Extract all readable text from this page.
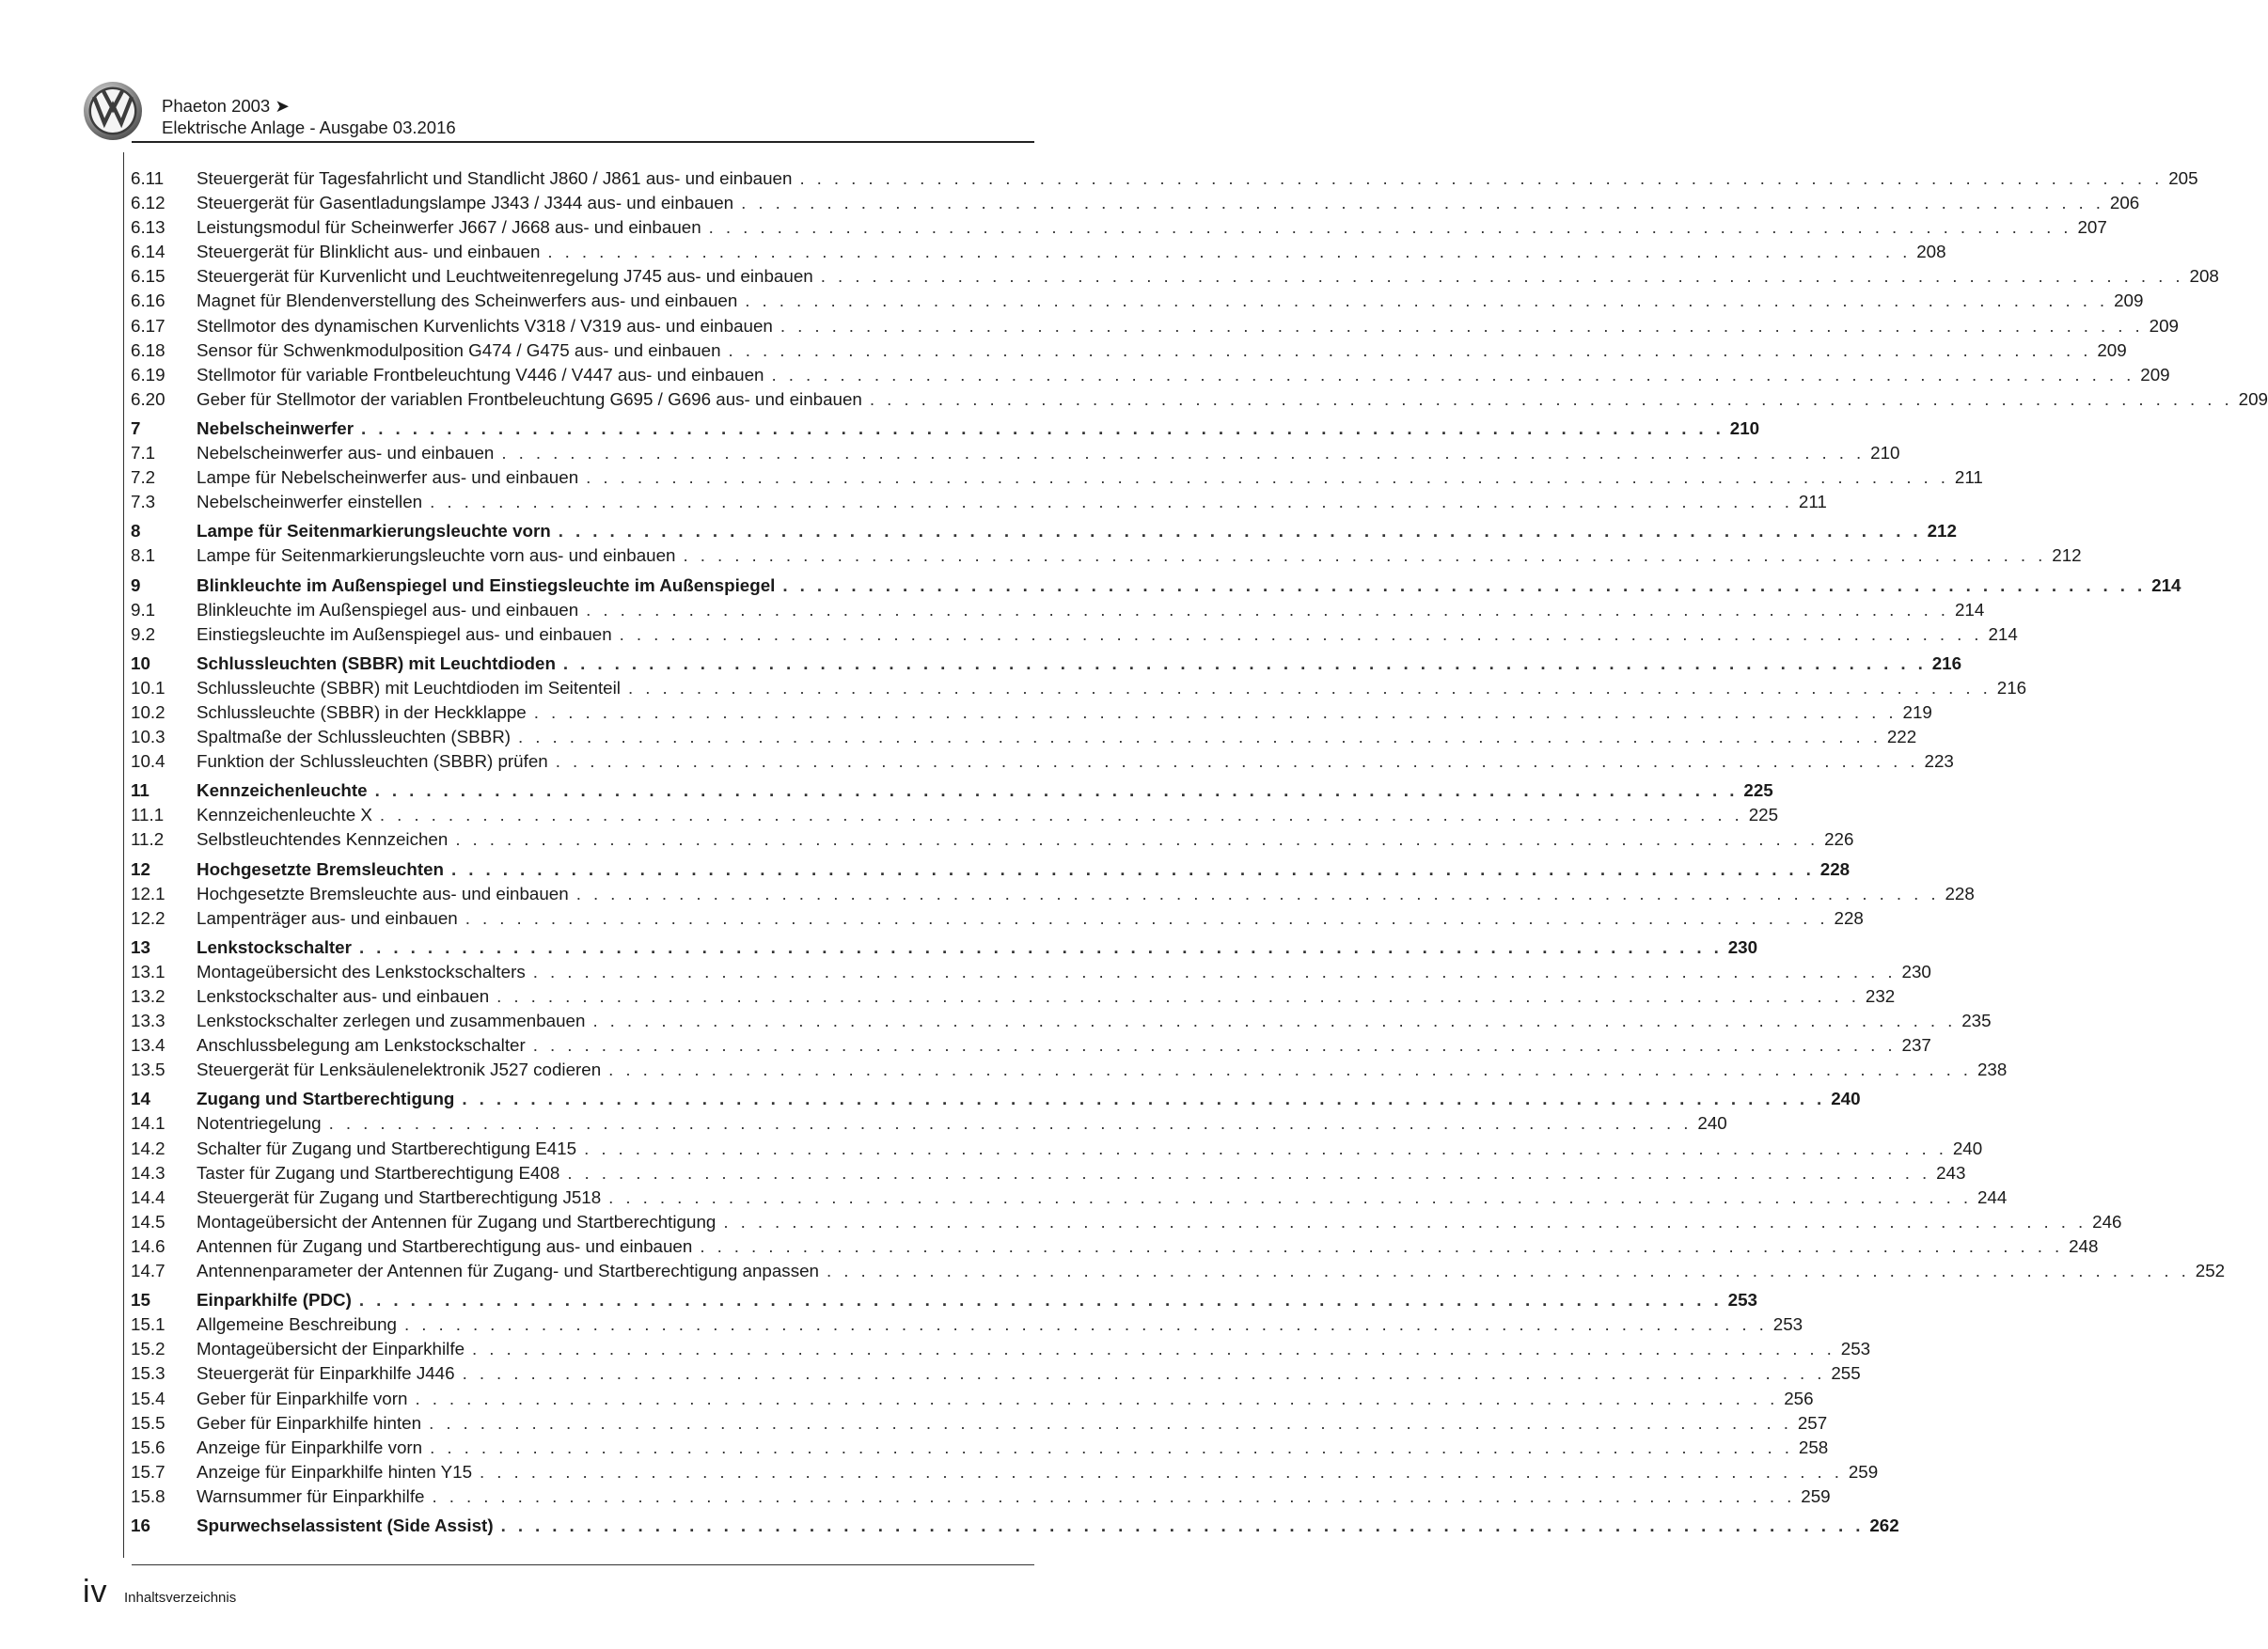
Phaeton 2003 ➤
Elektrische Anlage - Ausgabe 03.2016
6.11	Steuergerät für Tagesfahrlicht und Standlicht J860 / J861 aus- und einbauen . . . . . . . . . . . . . . . . . . . . . . . . . . . . . . . . . . . . . . . . . . . . . . . . . . . . . . . . . . . . . . . . . . . . . . . . . . . . . . . . 205
6.12	Steuergerät für Gasentladungslampe J343 / J344 aus- und einbauen . . . . . . . . . . . . . . . . . . . . . . . . . . . . . . . . . . . . . . . . . . . . . . . . . . . . . . . . . . . . . . . . . . . . . . . . . . . . . . . . 206
6.13	Leistungsmodul für Scheinwerfer J667 / J668 aus- und einbauen . . . . . . . . . . . . . . . . . . . . . . . . . . . . . . . . . . . . . . . . . . . . . . . . . . . . . . . . . . . . . . . . . . . . . . . . . . . . . . . . 207
6.14	Steuergerät für Blinklicht aus- und einbauen . . . . . . . . . . . . . . . . . . . . . . . . . . . . . . . . . . . . . . . . . . . . . . . . . . . . . . . . . . . . . . . . . . . . . . . . . . . . . . . . 208
6.15	Steuergerät für Kurvenlicht und Leuchtweitenregelung J745 aus- und einbauen . . . . . . . . . . . . . . . . . . . . . . . . . . . . . . . . . . . . . . . . . . . . . . . . . . . . . . . . . . . . . . . . . . . . . . . . . . . . . . . . 208
6.16	Magnet für Blendenverstellung des Scheinwerfers aus- und einbauen . . . . . . . . . . . . . . . . . . . . . . . . . . . . . . . . . . . . . . . . . . . . . . . . . . . . . . . . . . . . . . . . . . . . . . . . . . . . . . . . 209
6.17	Stellmotor des dynamischen Kurvenlichts V318 / V319 aus- und einbauen . . . . . . . . . . . . . . . . . . . . . . . . . . . . . . . . . . . . . . . . . . . . . . . . . . . . . . . . . . . . . . . . . . . . . . . . . . . . . . . . 209
6.18	Sensor für Schwenkmodulposition G474 / G475 aus- und einbauen . . . . . . . . . . . . . . . . . . . . . . . . . . . . . . . . . . . . . . . . . . . . . . . . . . . . . . . . . . . . . . . . . . . . . . . . . . . . . . . . 209
6.19	Stellmotor für variable Frontbeleuchtung V446 / V447 aus- und einbauen . . . . . . . . . . . . . . . . . . . . . . . . . . . . . . . . . . . . . . . . . . . . . . . . . . . . . . . . . . . . . . . . . . . . . . . . . . . . . . . . 209
6.20	Geber für Stellmotor der variablen Frontbeleuchtung G695 / G696 aus- und einbauen . . . . . . . . . . . . . . . . . . . . . . . . . . . . . . . . . . . . . . . . . . . . . . . . . . . . . . . . . . . . . . . . . . . . . . . . . . . . . . . . 209
7	Nebelscheinwerfer . . . . . . . . . . . . . . . . . . . . . . . . . . . . . . . . . . . . . . . . . . . . . . . . . . . . . . . . . . . . . . . . . . . . . . . . . . . . . . . . 210
7.1	Nebelscheinwerfer aus- und einbauen . . . . . . . . . . . . . . . . . . . . . . . . . . . . . . . . . . . . . . . . . . . . . . . . . . . . . . . . . . . . . . . . . . . . . . . . . . . . . . . . 210
7.2	Lampe für Nebelscheinwerfer aus- und einbauen . . . . . . . . . . . . . . . . . . . . . . . . . . . . . . . . . . . . . . . . . . . . . . . . . . . . . . . . . . . . . . . . . . . . . . . . . . . . . . . . 211
7.3	Nebelscheinwerfer einstellen . . . . . . . . . . . . . . . . . . . . . . . . . . . . . . . . . . . . . . . . . . . . . . . . . . . . . . . . . . . . . . . . . . . . . . . . . . . . . . . . 211
8	Lampe für Seitenmarkierungsleuchte vorn . . . . . . . . . . . . . . . . . . . . . . . . . . . . . . . . . . . . . . . . . . . . . . . . . . . . . . . . . . . . . . . . . . . . . . . . . . . . . . . . 212
8.1	Lampe für Seitenmarkierungsleuchte vorn aus- und einbauen . . . . . . . . . . . . . . . . . . . . . . . . . . . . . . . . . . . . . . . . . . . . . . . . . . . . . . . . . . . . . . . . . . . . . . . . . . . . . . . . 212
9	Blinkleuchte im Außenspiegel und Einstiegsleuchte im Außenspiegel . . . . . . . . . . . . . . . . . . . . . . . . . . . . . . . . . . . . . . . . . . . . . . . . . . . . . . . . . . . . . . . . . . . . . . . . . . . . . . . . 214
9.1	Blinkleuchte im Außenspiegel aus- und einbauen . . . . . . . . . . . . . . . . . . . . . . . . . . . . . . . . . . . . . . . . . . . . . . . . . . . . . . . . . . . . . . . . . . . . . . . . . . . . . . . . 214
9.2	Einstiegsleuchte im Außenspiegel aus- und einbauen . . . . . . . . . . . . . . . . . . . . . . . . . . . . . . . . . . . . . . . . . . . . . . . . . . . . . . . . . . . . . . . . . . . . . . . . . . . . . . . . 214
10	Schlussleuchten (SBBR) mit Leuchtdioden . . . . . . . . . . . . . . . . . . . . . . . . . . . . . . . . . . . . . . . . . . . . . . . . . . . . . . . . . . . . . . . . . . . . . . . . . . . . . . . . 216
10.1	Schlussleuchte (SBBR) mit Leuchtdioden im Seitenteil . . . . . . . . . . . . . . . . . . . . . . . . . . . . . . . . . . . . . . . . . . . . . . . . . . . . . . . . . . . . . . . . . . . . . . . . . . . . . . . . 216
10.2	Schlussleuchte (SBBR) in der Heckklappe . . . . . . . . . . . . . . . . . . . . . . . . . . . . . . . . . . . . . . . . . . . . . . . . . . . . . . . . . . . . . . . . . . . . . . . . . . . . . . . . 219
10.3	Spaltmaße der Schlussleuchten (SBBR) . . . . . . . . . . . . . . . . . . . . . . . . . . . . . . . . . . . . . . . . . . . . . . . . . . . . . . . . . . . . . . . . . . . . . . . . . . . . . . . . 222
10.4	Funktion der Schlussleuchten (SBBR) prüfen . . . . . . . . . . . . . . . . . . . . . . . . . . . . . . . . . . . . . . . . . . . . . . . . . . . . . . . . . . . . . . . . . . . . . . . . . . . . . . . . 223
11	Kennzeichenleuchte . . . . . . . . . . . . . . . . . . . . . . . . . . . . . . . . . . . . . . . . . . . . . . . . . . . . . . . . . . . . . . . . . . . . . . . . . . . . . . . . 225
11.1	Kennzeichenleuchte X . . . . . . . . . . . . . . . . . . . . . . . . . . . . . . . . . . . . . . . . . . . . . . . . . . . . . . . . . . . . . . . . . . . . . . . . . . . . . . . . 225
11.2	Selbstleuchtendes Kennzeichen . . . . . . . . . . . . . . . . . . . . . . . . . . . . . . . . . . . . . . . . . . . . . . . . . . . . . . . . . . . . . . . . . . . . . . . . . . . . . . . . 226
12	Hochgesetzte Bremsleuchten . . . . . . . . . . . . . . . . . . . . . . . . . . . . . . . . . . . . . . . . . . . . . . . . . . . . . . . . . . . . . . . . . . . . . . . . . . . . . . . . 228
12.1	Hochgesetzte Bremsleuchte aus- und einbauen . . . . . . . . . . . . . . . . . . . . . . . . . . . . . . . . . . . . . . . . . . . . . . . . . . . . . . . . . . . . . . . . . . . . . . . . . . . . . . . . 228
12.2	Lampenträger aus- und einbauen . . . . . . . . . . . . . . . . . . . . . . . . . . . . . . . . . . . . . . . . . . . . . . . . . . . . . . . . . . . . . . . . . . . . . . . . . . . . . . . . 228
13	Lenkstockschalter . . . . . . . . . . . . . . . . . . . . . . . . . . . . . . . . . . . . . . . . . . . . . . . . . . . . . . . . . . . . . . . . . . . . . . . . . . . . . . . . 230
13.1	Montageübersicht des Lenkstockschalters . . . . . . . . . . . . . . . . . . . . . . . . . . . . . . . . . . . . . . . . . . . . . . . . . . . . . . . . . . . . . . . . . . . . . . . . . . . . . . . . 230
13.2	Lenkstockschalter aus- und einbauen . . . . . . . . . . . . . . . . . . . . . . . . . . . . . . . . . . . . . . . . . . . . . . . . . . . . . . . . . . . . . . . . . . . . . . . . . . . . . . . . 232
13.3	Lenkstockschalter zerlegen und zusammenbauen . . . . . . . . . . . . . . . . . . . . . . . . . . . . . . . . . . . . . . . . . . . . . . . . . . . . . . . . . . . . . . . . . . . . . . . . . . . . . . . . 235
13.4	Anschlussbelegung am Lenkstockschalter . . . . . . . . . . . . . . . . . . . . . . . . . . . . . . . . . . . . . . . . . . . . . . . . . . . . . . . . . . . . . . . . . . . . . . . . . . . . . . . . 237
13.5	Steuergerät für Lenksäulenelektronik J527 codieren . . . . . . . . . . . . . . . . . . . . . . . . . . . . . . . . . . . . . . . . . . . . . . . . . . . . . . . . . . . . . . . . . . . . . . . . . . . . . . . . 238
14	Zugang und Startberechtigung . . . . . . . . . . . . . . . . . . . . . . . . . . . . . . . . . . . . . . . . . . . . . . . . . . . . . . . . . . . . . . . . . . . . . . . . . . . . . . . . 240
14.1	Notentriegelung . . . . . . . . . . . . . . . . . . . . . . . . . . . . . . . . . . . . . . . . . . . . . . . . . . . . . . . . . . . . . . . . . . . . . . . . . . . . . . . . 240
14.2	Schalter für Zugang und Startberechtigung E415 . . . . . . . . . . . . . . . . . . . . . . . . . . . . . . . . . . . . . . . . . . . . . . . . . . . . . . . . . . . . . . . . . . . . . . . . . . . . . . . . 240
14.3	Taster für Zugang und Startberechtigung E408 . . . . . . . . . . . . . . . . . . . . . . . . . . . . . . . . . . . . . . . . . . . . . . . . . . . . . . . . . . . . . . . . . . . . . . . . . . . . . . . . 243
14.4	Steuergerät für Zugang und Startberechtigung J518 . . . . . . . . . . . . . . . . . . . . . . . . . . . . . . . . . . . . . . . . . . . . . . . . . . . . . . . . . . . . . . . . . . . . . . . . . . . . . . . . 244
14.5	Montageübersicht der Antennen für Zugang und Startberechtigung . . . . . . . . . . . . . . . . . . . . . . . . . . . . . . . . . . . . . . . . . . . . . . . . . . . . . . . . . . . . . . . . . . . . . . . . . . . . . . . . 246
14.6	Antennen für Zugang und Startberechtigung aus- und einbauen . . . . . . . . . . . . . . . . . . . . . . . . . . . . . . . . . . . . . . . . . . . . . . . . . . . . . . . . . . . . . . . . . . . . . . . . . . . . . . . . 248
14.7	Antennenparameter der Antennen für Zugang- und Startberechtigung anpassen . . . . . . . . . . . . . . . . . . . . . . . . . . . . . . . . . . . . . . . . . . . . . . . . . . . . . . . . . . . . . . . . . . . . . . . . . . . . . . . . 252
15	Einparkhilfe (PDC) . . . . . . . . . . . . . . . . . . . . . . . . . . . . . . . . . . . . . . . . . . . . . . . . . . . . . . . . . . . . . . . . . . . . . . . . . . . . . . . . 253
15.1	Allgemeine Beschreibung . . . . . . . . . . . . . . . . . . . . . . . . . . . . . . . . . . . . . . . . . . . . . . . . . . . . . . . . . . . . . . . . . . . . . . . . . . . . . . . . 253
15.2	Montageübersicht der Einparkhilfe . . . . . . . . . . . . . . . . . . . . . . . . . . . . . . . . . . . . . . . . . . . . . . . . . . . . . . . . . . . . . . . . . . . . . . . . . . . . . . . . 253
15.3	Steuergerät für Einparkhilfe J446 . . . . . . . . . . . . . . . . . . . . . . . . . . . . . . . . . . . . . . . . . . . . . . . . . . . . . . . . . . . . . . . . . . . . . . . . . . . . . . . . 255
15.4	Geber für Einparkhilfe vorn . . . . . . . . . . . . . . . . . . . . . . . . . . . . . . . . . . . . . . . . . . . . . . . . . . . . . . . . . . . . . . . . . . . . . . . . . . . . . . . . 256
15.5	Geber für Einparkhilfe hinten . . . . . . . . . . . . . . . . . . . . . . . . . . . . . . . . . . . . . . . . . . . . . . . . . . . . . . . . . . . . . . . . . . . . . . . . . . . . . . . . 257
15.6	Anzeige für Einparkhilfe vorn . . . . . . . . . . . . . . . . . . . . . . . . . . . . . . . . . . . . . . . . . . . . . . . . . . . . . . . . . . . . . . . . . . . . . . . . . . . . . . . . 258
15.7	Anzeige für Einparkhilfe hinten Y15 . . . . . . . . . . . . . . . . . . . . . . . . . . . . . . . . . . . . . . . . . . . . . . . . . . . . . . . . . . . . . . . . . . . . . . . . . . . . . . . . 259
15.8	Warnsummer für Einparkhilfe . . . . . . . . . . . . . . . . . . . . . . . . . . . . . . . . . . . . . . . . . . . . . . . . . . . . . . . . . . . . . . . . . . . . . . . . . . . . . . . . 259
16	Spurwechselassistent (Side Assist) . . . . . . . . . . . . . . . . . . . . . . . . . . . . . . . . . . . . . . . . . . . . . . . . . . . . . . . . . . . . . . . . . . . . . . . . . . . . . . . . 262
iv Inhaltsverzeichnis
